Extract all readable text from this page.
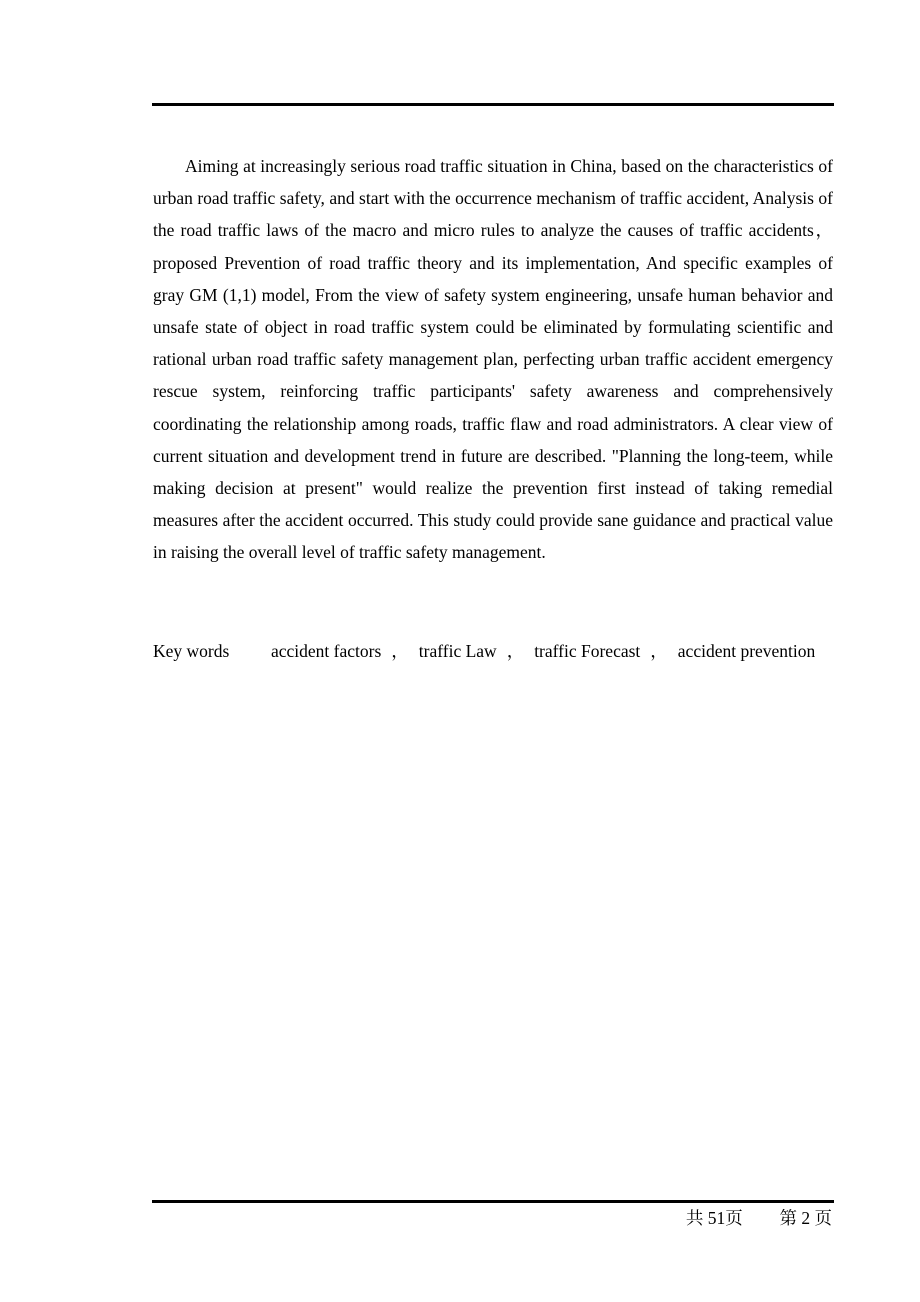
Aiming at increasingly serious road traffic situation in China, based on the characteristics of urban road traffic safety, and start with the occurrence mechanism of traffic accident, Analysis of the road traffic laws of the macro and micro rules to analyze the causes of traffic accidents， proposed Prevention of road traffic theory and its implementation, And specific examples of gray GM (1,1) model, From the view of safety system engineering, unsafe human behavior and unsafe state of object in road traffic system could be eliminated by formulating scientific and rational urban road traffic safety management plan, perfecting urban traffic accident emergency rescue system, reinforcing traffic participants' safety awareness and comprehensively coordinating the relationship among roads, traffic flaw and road administrators. A clear view of current situation and development trend in future are described. "Planning the long-teem, while making decision at present" would realize the prevention first instead of taking remedial measures after the accident occurred. This study could provide sane guidance and practical value in raising the overall level of traffic safety management.

Key words accident factors ， traffic Law ， traffic Forecast ， accident prevention
共 51页 第 2 页
